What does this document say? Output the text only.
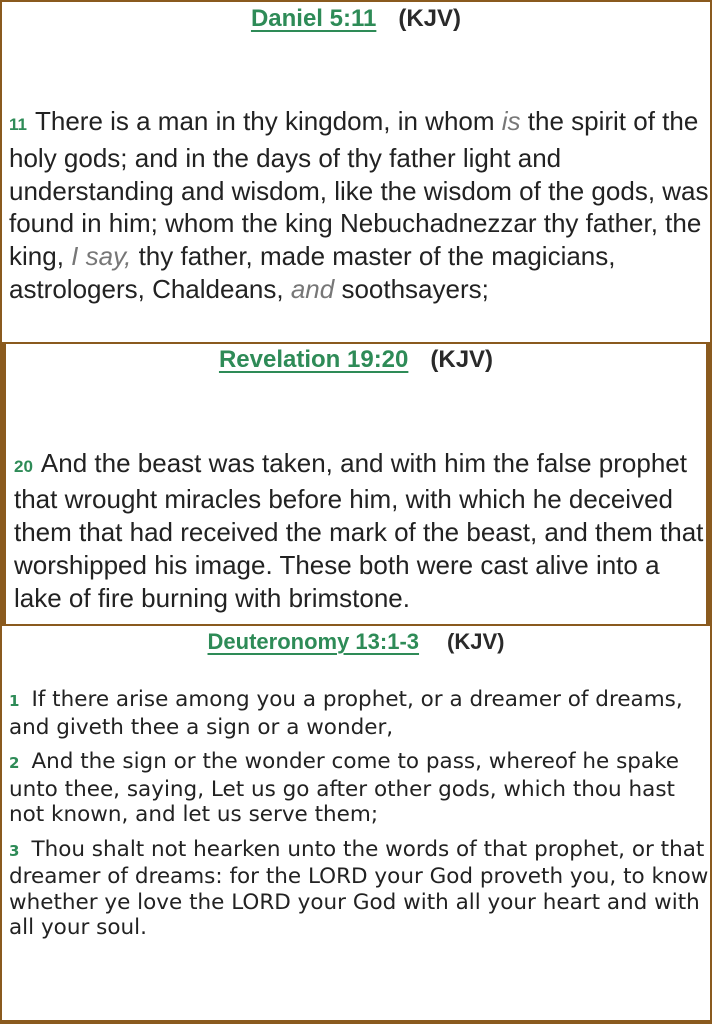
Daniel 5:11 (KJV)

11 There is a man in thy kingdom, in whom is the spirit of the holy gods; and in the days of thy father light and understanding and wisdom, like the wisdom of the gods, was found in him; whom the king Nebuchadnezzar thy father, the king, I say, thy father, made master of the magicians, astrologers, Chaldeans, and soothsayers;

Revelation 19:20 (KJV)

20 And the beast was taken, and with him the false prophet that wrought miracles before him, with which he deceived them that had received the mark of the beast, and them that worshipped his image. These both were cast alive into a lake of fire burning with brimstone.

Deuteronomy 13:1-3 (KJV)

1 If there arise among you a prophet, or a dreamer of dreams, and giveth thee a sign or a wonder,

2 And the sign or the wonder come to pass, whereof he spake unto thee, saying, Let us go after other gods, which thou hast not known, and let us serve them;

3 Thou shalt not hearken unto the words of that prophet, or that dreamer of dreams: for the LORD your God proveth you, to know whether ye love the LORD your God with all your heart and with all your soul.
